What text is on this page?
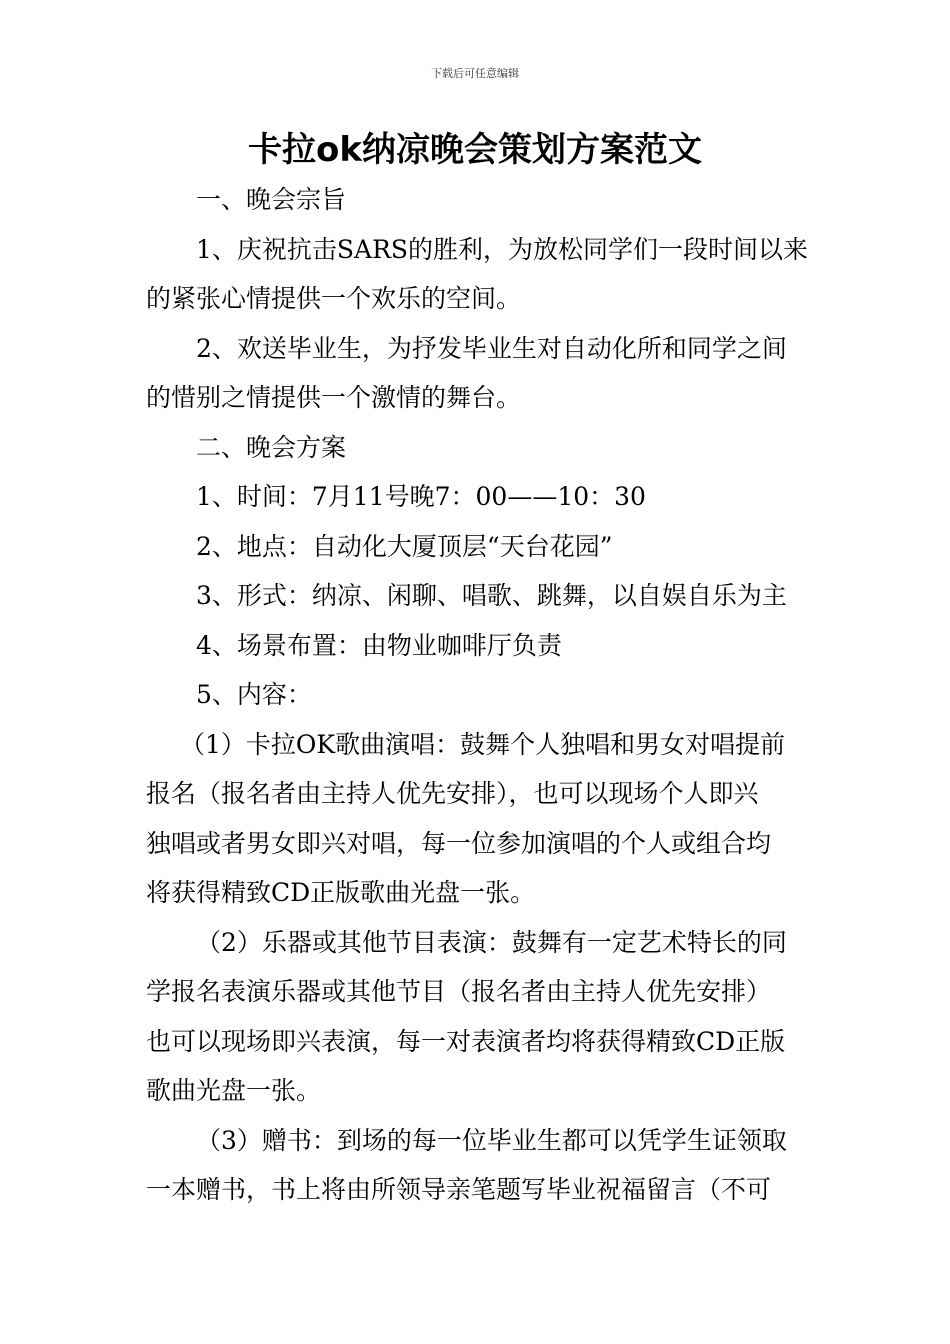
下载后可任意编辑
卡拉ok纳凉晚会策划方案范文

一、晚会宗旨

1、庆祝抗击SARS的胜利，为放松同学们一段时间以来

的紧张心情提供一个欢乐的空间。

2、欢送毕业生，为抒发毕业生对自动化所和同学之间

的惜别之情提供一个激情的舞台。

二、晚会方案

1、时间：7月11号晚7：00——10：30

2、地点：自动化大厦顶层“天台花园”

3、形式：纳凉、闲聊、唱歌、跳舞，以自娱自乐为主

4、场景布置：由物业咖啡厅负责

5、内容：

（1）卡拉OK歌曲演唱：鼓舞个人独唱和男女对唱提前

报名（报名者由主持人优先安排），也可以现场个人即兴

独唱或者男女即兴对唱，每一位参加演唱的个人或组合均

将获得精致CD正版歌曲光盘一张。

（2）乐器或其他节目表演：鼓舞有一定艺术特长的同

学报名表演乐器或其他节目（报名者由主持人优先安排）

也可以现场即兴表演，每一对表演者均将获得精致CD正版

歌曲光盘一张。

（3）赠书：到场的每一位毕业生都可以凭学生证领取

一本赠书，书上将由所领导亲笔题写毕业祝福留言（不可
